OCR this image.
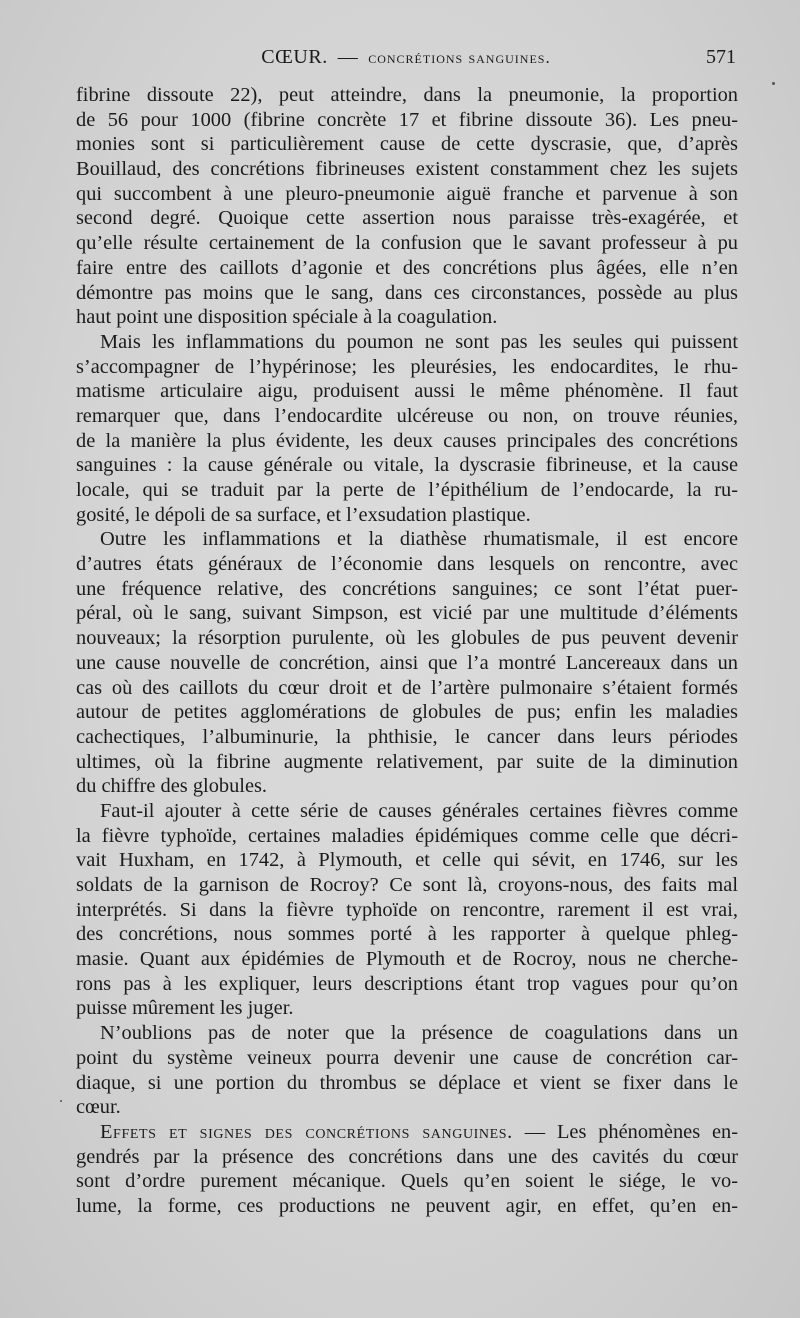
CŒUR. — concrétions sanguines.	571
fibrine dissoute 22), peut atteindre, dans la pneumonie, la proportion
de 56 pour 1000 (fibrine concrète 17 et fibrine dissoute 36). Les pneu-
monies sont si particulièrement cause de cette dyscrasie, que, d’après
Bouillaud, des concrétions fibrineuses existent constamment chez les sujets
qui succombent à une pleuro-pneumonie aiguë franche et parvenue à son
second degré. Quoique cette assertion nous paraisse très-exagérée, et
qu’elle résulte certainement de la confusion que le savant professeur à pu
faire entre des caillots d’agonie et des concrétions plus âgées, elle n’en
démontre pas moins que le sang, dans ces circonstances, possède au plus
haut point une disposition spéciale à la coagulation.
Mais les inflammations du poumon ne sont pas les seules qui puissent
s’accompagner de l’hypérinose; les pleurésies, les endocardites, le rhu-
matisme articulaire aigu, produisent aussi le même phénomène. Il faut
remarquer que, dans l’endocardite ulcéreuse ou non, on trouve réunies,
de la manière la plus évidente, les deux causes principales des concrétions
sanguines : la cause générale ou vitale, la dyscrasie fibrineuse, et la cause
locale, qui se traduit par la perte de l’épithélium de l’endocarde, la ru-
gosité, le dépoli de sa surface, et l’exsudation plastique.
Outre les inflammations et la diathèse rhumatismale, il est encore
d’autres états généraux de l’économie dans lesquels on rencontre, avec
une fréquence relative, des concrétions sanguines; ce sont l’état puer-
péral, où le sang, suivant Simpson, est vicié par une multitude d’éléments
nouveaux; la résorption purulente, où les globules de pus peuvent devenir
une cause nouvelle de concrétion, ainsi que l’a montré Lancereaux dans un
cas où des caillots du cœur droit et de l’artère pulmonaire s’étaient formés
autour de petites agglomérations de globules de pus; enfin les maladies
cachectiques, l’albuminurie, la phthisie, le cancer dans leurs périodes
ultimes, où la fibrine augmente relativement, par suite de la diminution
du chiffre des globules.
Faut-il ajouter à cette série de causes générales certaines fièvres comme
la fièvre typhoïde, certaines maladies épidémiques comme celle que décri-
vait Huxham, en 1742, à Plymouth, et celle qui sévit, en 1746, sur les
soldats de la garnison de Rocroy? Ce sont là, croyons-nous, des faits mal
interprétés. Si dans la fièvre typhoïde on rencontre, rarement il est vrai,
des concrétions, nous sommes porté à les rapporter à quelque phleg-
masie. Quant aux épidémies de Plymouth et de Rocroy, nous ne cherche-
rons pas à les expliquer, leurs descriptions étant trop vagues pour qu’on
puisse mûrement les juger.
N’oublions pas de noter que la présence de coagulations dans un
point du système veineux pourra devenir une cause de concrétion car-
diaque, si une portion du thrombus se déplace et vient se fixer dans le
cœur.
Effets et signes des concrétions sanguines. — Les phénomènes en-
gendrés par la présence des concrétions dans une des cavités du cœur
sont d’ordre purement mécanique. Quels qu’en soient le siége, le vo-
lume, la forme, ces productions ne peuvent agir, en effet, qu’en en-
